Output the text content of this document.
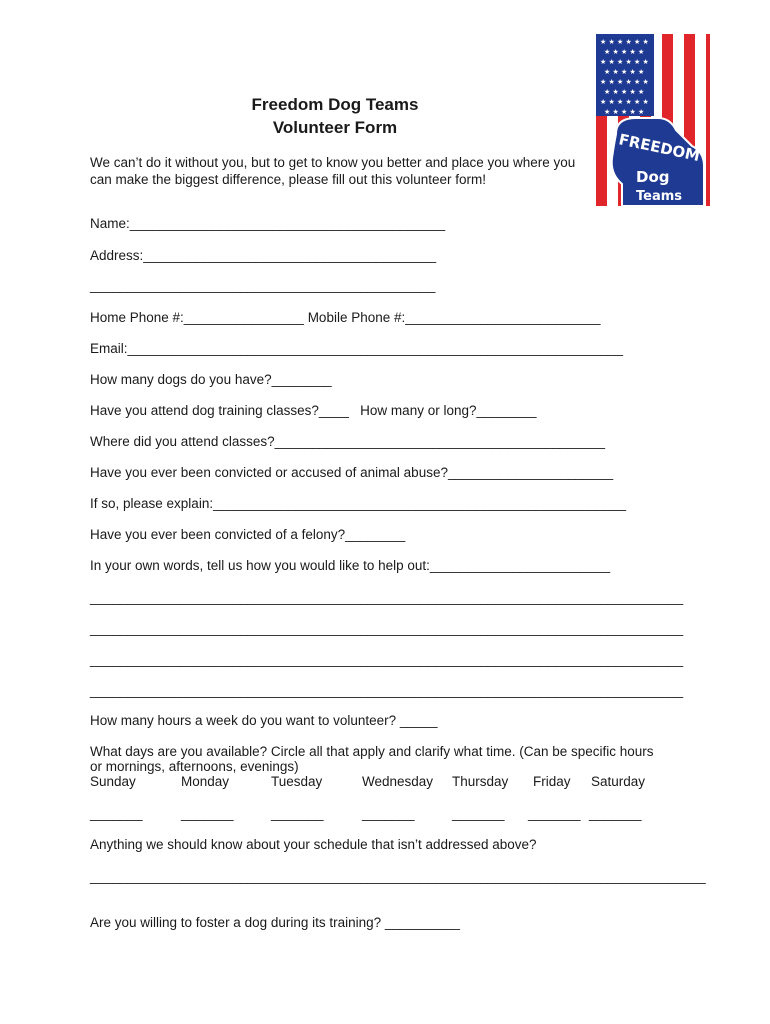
★ ★ ★ ★ ★ ★
★ ★ ★ ★ ★
★ ★ ★ ★ ★ ★
★ ★ ★ ★ ★
★ ★ ★ ★ ★ ★
★ ★ ★ ★ ★
★ ★ ★ ★ ★ ★
★ ★ ★ ★ ★
FREEDOM
Dog
Teams
Freedom Dog Teams
Volunteer Form
We can’t do it without you, but to get to know you better and place you where you can make the biggest difference, please fill out this volunteer form!
Name:__________________________________________
Address:_______________________________________
______________________________________________
Home Phone #:________________ Mobile Phone #:__________________________
Email:__________________________________________________________________
How many dogs do you have?________
Have you attend dog training classes?____   How many or long?________
Where did you attend classes?____________________________________________
Have you ever been convicted or accused of animal abuse?______________________
If so, please explain:_______________________________________________________
Have you ever been convicted of a felony?________
In your own words, tell us how you would like to help out:________________________
_______________________________________________________________________________
_______________________________________________________________________________
_______________________________________________________________________________
_______________________________________________________________________________
How many hours a week do you want to volunteer? _____
What days are you available? Circle all that apply and clarify what time. (Can be specific hours
or mornings, afternoons, evenings)
Sunday	Monday	Tuesday	Wednesday Thursday Friday Saturday
_______	_______	_______	_______	_______ _______ _______
Anything we should know about your schedule that isn’t addressed above?
__________________________________________________________________________________
Are you willing to foster a dog during its training? __________
